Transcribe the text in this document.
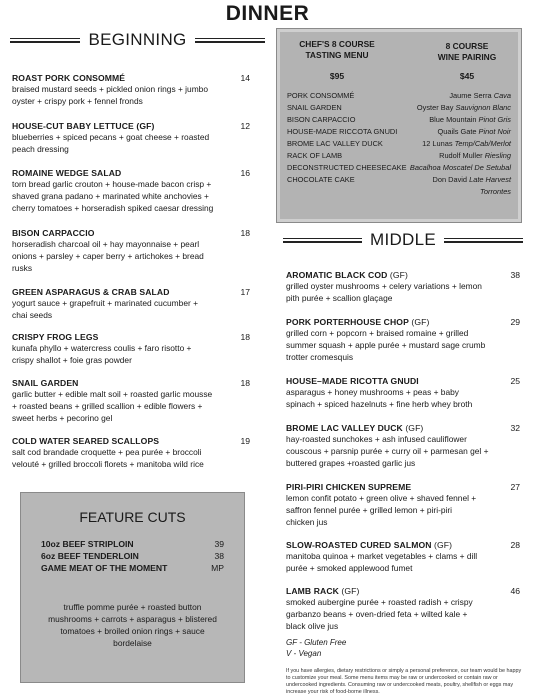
DINNER
BEGINNING
ROAST PORK CONSOMMÉ	14
braised mustard seeds + pickled onion rings + jumbo
oyster + crispy pork + fennel fronds
HOUSE-CUT BABY LETTUCE (GF)	12
blueberries + spiced pecans + goat cheese + roasted
peach dressing
ROMAINE WEDGE SALAD	16
torn bread garlic crouton + house-made bacon crisp +
shaved grana padano + marinated white anchovies +
cherry tomatoes + horseradish spiked caesar dressing
BISON CARPACCIO	18
horseradish charcoal oil + hay mayonnaise + pearl
onions + parsley + caper berry + artichokes + bread
rusks
GREEN ASPARAGUS & CRAB SALAD	17
yogurt sauce + grapefruit + marinated cucumber +
chai seeds
CRISPY FROG LEGS	18
kunafa phyllo + watercress coulis + faro risotto +
crispy shallot + foie gras powder
SNAIL GARDEN	18
garlic butter + edible malt soil + roasted garlic mousse
+ roasted beans + grilled scallion + edible flowers +
sweet herbs + pecorino gel
COLD WATER SEARED SCALLOPS	19
salt cod brandade croquette + pea purée + broccoli
velouté + grilled broccoli florets + manitoba wild rice
CHEF'S 8 COURSE
TASTING MENU
$95
8 COURSE
WINE PAIRING
$45
PORK CONSOMMÉ	Jaume Serra Cava
SNAIL GARDEN	Oyster Bay Sauvignon Blanc
BISON CARPACCIO	Blue Mountain Pinot Gris
HOUSE-MADE RICCOTA GNUDI	Quails Gate Pinot Noir
BROME LAC VALLEY DUCK	12 Lunas Temp/Cab/Merlot
RACK OF LAMB	Rudolf Muller Riesling
DECONSTRUCTED CHEESECAKE Bacalhoa Moscatel De Setubal
CHOCOLATE CAKE	Don David Late Harvest
Torrontes
MIDDLE
AROMATIC BLACK COD (GF)	38
grilled oyster mushrooms + celery variations + lemon
pith purée + scallion glaçage
PORK PORTERHOUSE CHOP (GF)	29
grilled corn + popcorn + braised romaine + grilled
summer squash + apple purée + mustard sage crumb
trotter cromesquis
HOUSE–MADE RICOTTA GNUDI	25
asparagus + honey mushrooms + peas + baby
spinach + spiced hazelnuts + fine herb whey broth
BROME LAC VALLEY DUCK (GF)	32
hay-roasted sunchokes + ash infused cauliflower
couscous + parsnip purée + curry oil + parmesan gel +
buttered grapes +roasted garlic jus
PIRI-PIRI CHICKEN SUPREME	27
lemon confit potato + green olive + shaved fennel +
saffron fennel purée + grilled lemon + piri-piri
chicken jus
SLOW-ROASTED CURED SALMON (GF)	28
manitoba quinoa + market vegetables + clams + dill
purée + smoked applewood fumet
LAMB RACK (GF)	46
smoked aubergine purée + roasted radish + crispy
garbanzo beans + oven-dried feta + wilted kale +
black olive jus
GF - Gluten Free
V - Vegan
If you have allergies, dietary restrictions or simply a personal preference, our team would be happy to customize your meal. Some menu items may be raw or undercooked or contain raw or undercooked ingredients. Consuming raw or undercooked meats, poultry, shellfish or eggs may increase your risk of food-borne illness.
FEATURE CUTS
10oz BEEF STRIPLOIN	39
6oz BEEF TENDERLOIN	38
GAME MEAT OF THE MOMENT	MP
truffle pomme purée + roasted button
mushrooms + carrots + asparagus + blistered
tomatoes + broiled onion rings + sauce
bordelaise
